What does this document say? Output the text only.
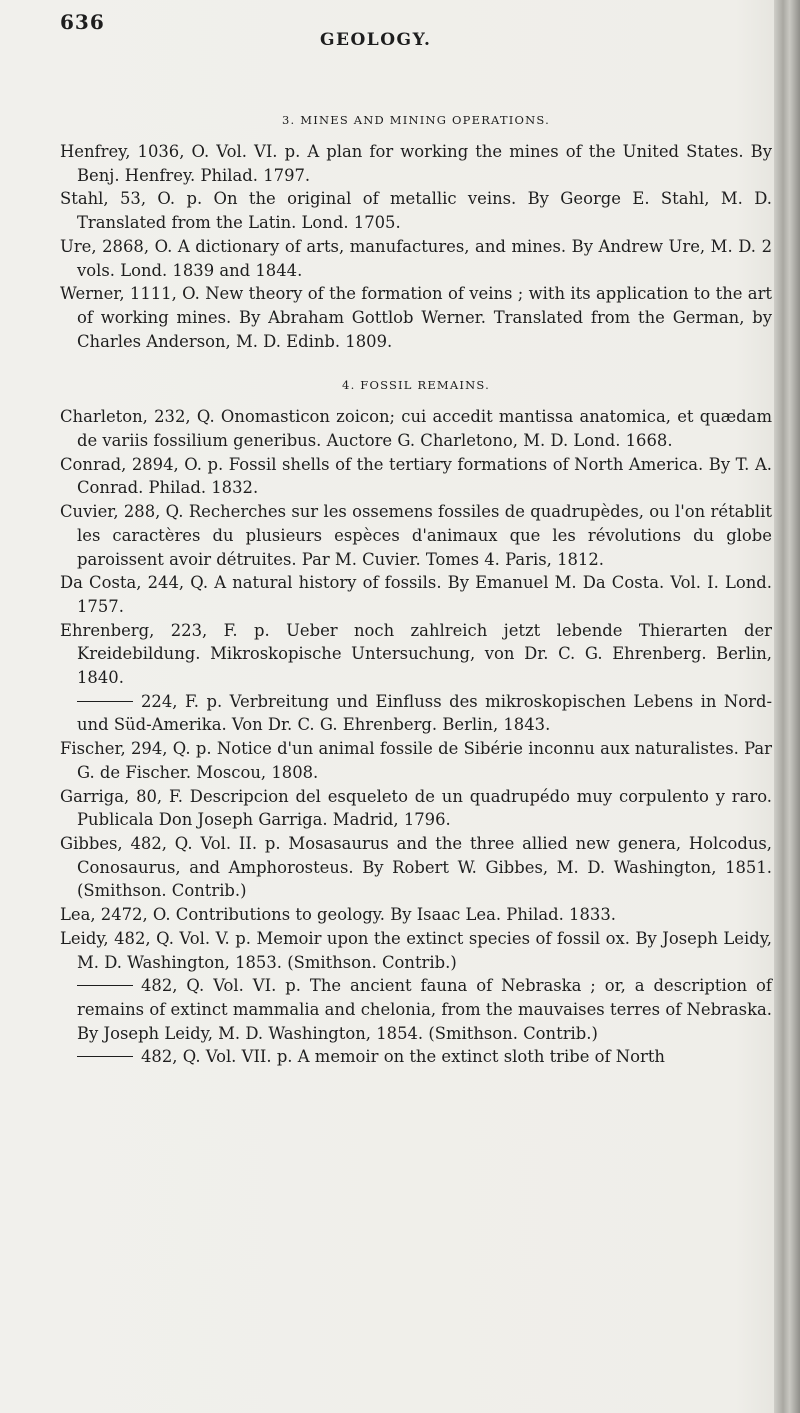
636
GEOLOGY.
3. MINES AND MINING OPERATIONS.

Henfrey, 1036, O. Vol. VI. p. A plan for working the mines of the United States. By Benj. Henfrey. Philad. 1797.

Stahl, 53, O. p. On the original of metallic veins. By George E. Stahl, M. D. Translated from the Latin. Lond. 1705.

Ure, 2868, O. A dictionary of arts, manufactures, and mines. By Andrew Ure, M. D. 2 vols. Lond. 1839 and 1844.

Werner, 1111, O. New theory of the formation of veins ; with its application to the art of working mines. By Abraham Gottlob Werner. Translated from the German, by Charles Anderson, M. D. Edinb. 1809.

4. FOSSIL REMAINS.

Charleton, 232, Q. Onomasticon zoicon; cui accedit mantissa anatomica, et quædam de variis fossilium generibus. Auctore G. Charletono, M. D. Lond. 1668.

Conrad, 2894, O. p. Fossil shells of the tertiary formations of North America. By T. A. Conrad. Philad. 1832.

Cuvier, 288, Q. Recherches sur les ossemens fossiles de quadrupèdes, ou l'on rétablit les caractères du plusieurs espèces d'animaux que les révolutions du globe paroissent avoir détruites. Par M. Cuvier. Tomes 4. Paris, 1812.

Da Costa, 244, Q. A natural history of fossils. By Emanuel M. Da Costa. Vol. I. Lond. 1757.

Ehrenberg, 223, F. p. Ueber noch zahlreich jetzt lebende Thierarten der Kreidebildung. Mikroskopische Untersuchung, von Dr. C. G. Ehrenberg. Berlin, 1840.

224, F. p. Verbreitung und Einfluss des mikroskopischen Lebens in Nord- und Süd-Amerika. Von Dr. C. G. Ehrenberg. Berlin, 1843.

Fischer, 294, Q. p. Notice d'un animal fossile de Sibérie inconnu aux naturalistes. Par G. de Fischer. Moscou, 1808.

Garriga, 80, F. Descripcion del esqueleto de un quadrupédo muy corpulento y raro. Publicala Don Joseph Garriga. Madrid, 1796.

Gibbes, 482, Q. Vol. II. p. Mosasaurus and the three allied new genera, Holcodus, Conosaurus, and Amphorosteus. By Robert W. Gibbes, M. D. Washington, 1851. (Smithson. Contrib.)

Lea, 2472, O. Contributions to geology. By Isaac Lea. Philad. 1833.

Leidy, 482, Q. Vol. V. p. Memoir upon the extinct species of fossil ox. By Joseph Leidy, M. D. Washington, 1853. (Smithson. Contrib.)

482, Q. Vol. VI. p. The ancient fauna of Nebraska ; or, a description of remains of extinct mammalia and chelonia, from the mauvaises terres of Nebraska. By Joseph Leidy, M. D. Washington, 1854. (Smithson. Contrib.)

482, Q. Vol. VII. p. A memoir on the extinct sloth tribe of North
